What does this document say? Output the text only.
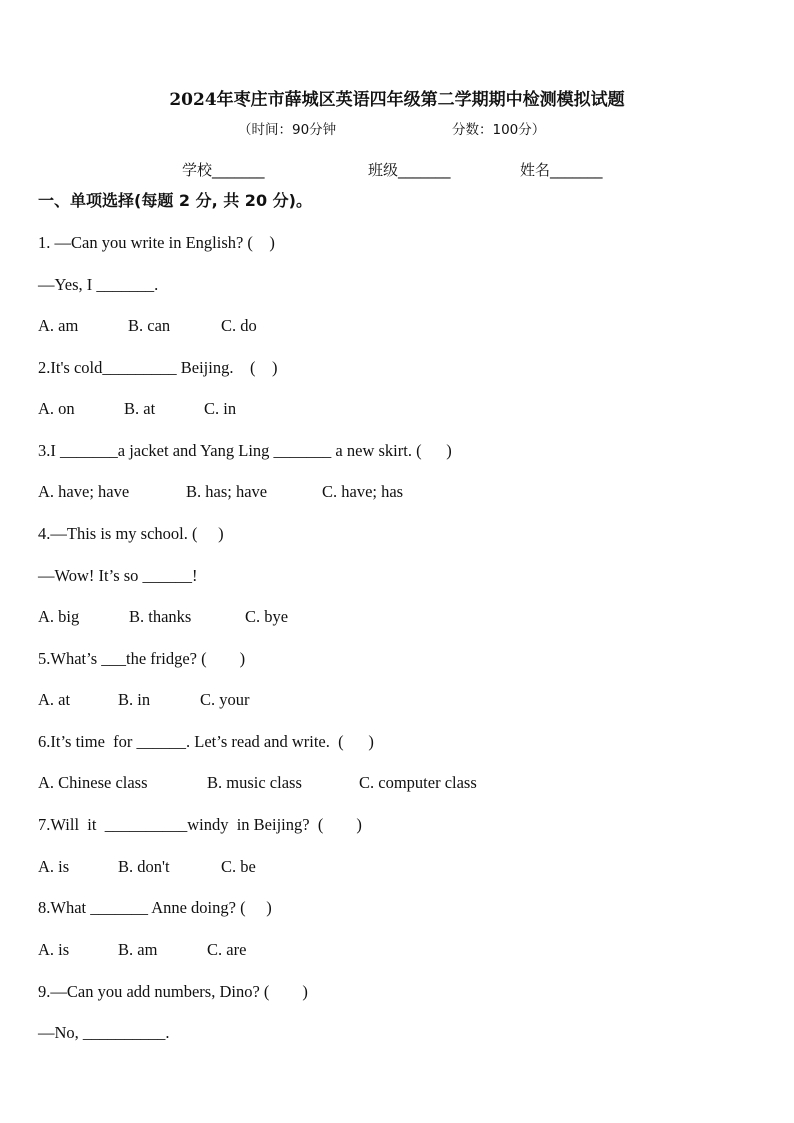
2024年枣庄市薛城区英语四年级第二学期期中检测模拟试题
（时间：90分钟	分数：100分）
学校_______	班级_______	姓名_______
一、单项选择(每题 2 分, 共 20 分)。
1. —Can you write in English? (    )
—Yes, I _______.
A. am	B. can	C. do
2.It's cold_________ Beijing.    (    )
A. on	B. at	C. in
3.I _______a jacket and Yang Ling _______ a new skirt. (      )
A. have; have	B. has; have	C. have; has
4.—This is my school. (     )
—Wow! It’s so ______!
A. big	B. thanks	C. bye
5.What’s ___the fridge? (        )
A. at	B. in	C. your
6.It’s time  for ______. Let’s read and write.  (      )
A. Chinese class	B. music class	C. computer class
7.Will  it  __________windy  in Beijing?  (        )
A. is	B. don't	C. be
8.What _______ Anne doing? (     )
A. is	B. am	C. are
9.—Can you add numbers, Dino? (        )
—No, __________.
